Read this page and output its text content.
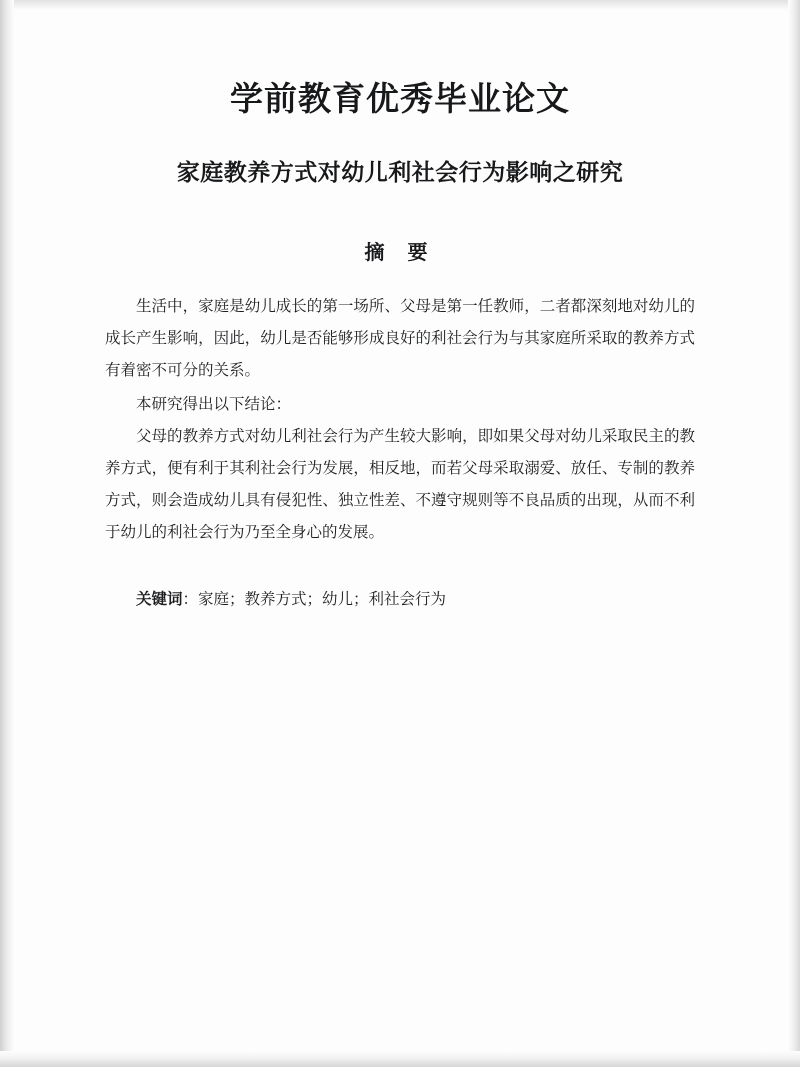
学前教育优秀毕业论文
家庭教养方式对幼儿利社会行为影响之研究
摘 要

生活中，家庭是幼儿成长的第一场所、父母是第一任教师，二者都深刻地对幼儿的成长产生影响，因此，幼儿是否能够形成良好的利社会行为与其家庭所采取的教养方式有着密不可分的关系。

本研究得出以下结论：

父母的教养方式对幼儿利社会行为产生较大影响，即如果父母对幼儿采取民主的教养方式，便有利于其利社会行为发展，相反地，而若父母采取溺爱、放任、专制的教养方式，则会造成幼儿具有侵犯性、独立性差、不遵守规则等不良品质的出现，从而不利于幼儿的利社会行为乃至全身心的发展。

关键词：家庭；教养方式；幼儿；利社会行为
